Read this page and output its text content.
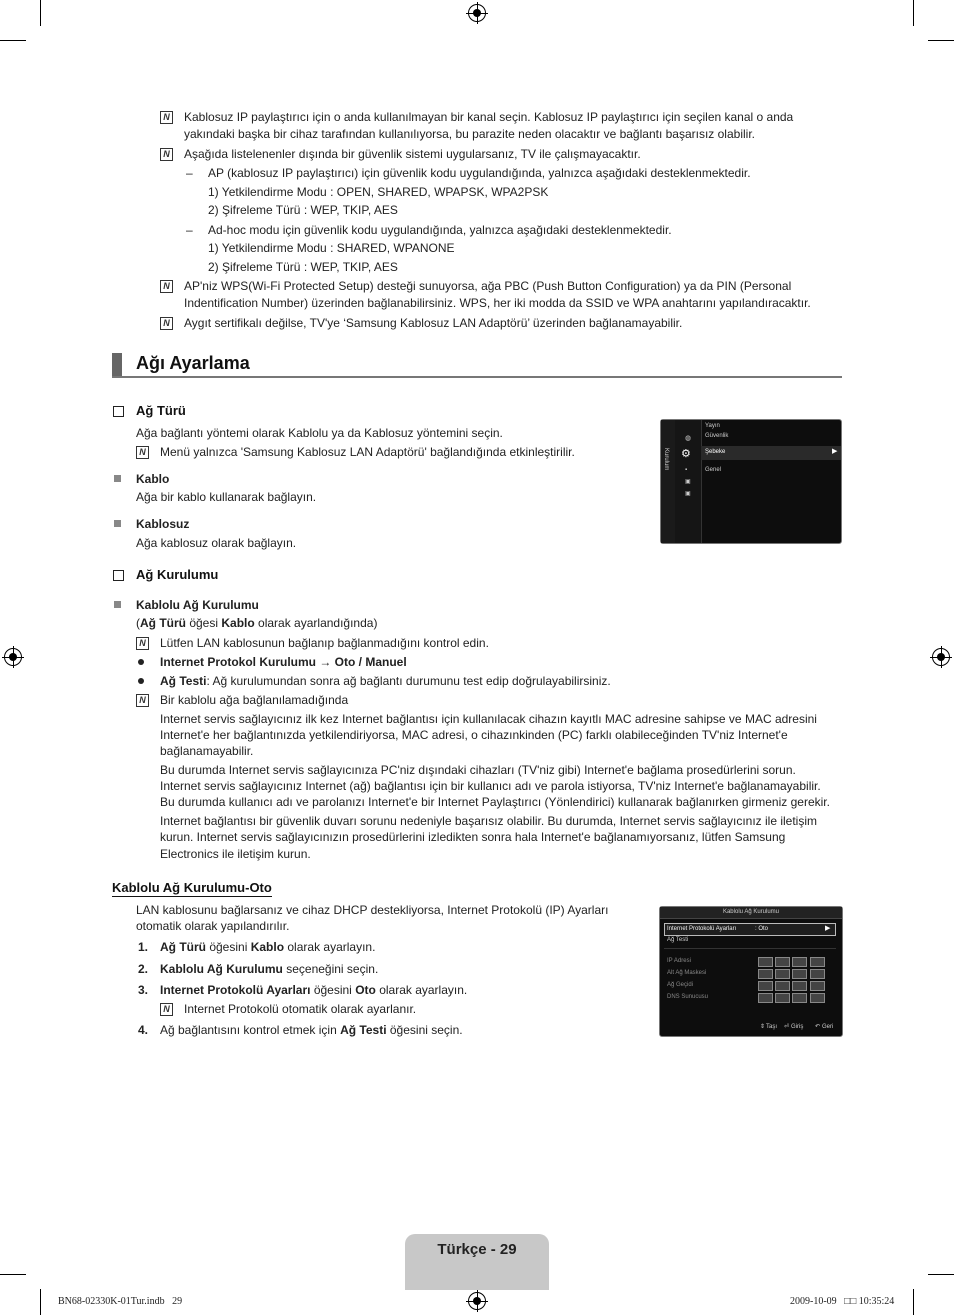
N Kablosuz IP paylaştırıcı için o anda kullanılmayan bir kanal seçin. Kablosuz IP paylaştırıcı için seçilen kanal o anda
yakındaki başka bir cihaz tarafından kullanılıyorsa, bu parazite neden olacaktır ve bağlantı başarısız olabilir.
N Aşağıda listelenenler dışında bir güvenlik sistemi uygularsanız, TV ile çalışmayacaktır.
– AP (kablosuz IP paylaştırıcı) için güvenlik kodu uygulandığında, yalnızca aşağıdaki desteklenmektedir.
1) Yetkilendirme Modu : OPEN, SHARED, WPAPSK, WPA2PSK
2) Şifreleme Türü : WEP, TKIP, AES
– Ad-hoc modu için güvenlik kodu uygulandığında, yalnızca aşağıdaki desteklenmektedir.
1) Yetkilendirme Modu : SHARED, WPANONE
2) Şifreleme Türü : WEP, TKIP, AES
N AP'niz WPS(Wi-Fi Protected Setup) desteği sunuyorsa, ağa PBC (Push Button Configuration) ya da PIN (Personal
Indentification Number) üzerinden bağlanabilirsiniz. WPS, her iki modda da SSID ve WPA anahtarını yapılandıracaktır.
N Aygıt sertifikalı değilse, TV'ye ‘Samsung Kablosuz LAN Adaptörü’ üzerinden bağlanamayabilir.
Ağı Ayarlama
Ağ Türü
Ağa bağlantı yöntemi olarak Kablolu ya da Kablosuz yöntemini seçin.
N Menü yalnızca 'Samsung Kablosuz LAN Adaptörü' bağlandığında etkinleştirilir.
Kablo
Ağa bir kablo kullanarak bağlayın.
Kablosuz
Ağa kablosuz olarak bağlayın.
Kurulum
◍
⚙
▪
▣
▣
Yayın
Güvenlik
Şebeke	▶
Genel
Ağ Kurulumu
Kablolu Ağ Kurulumu
(Ağ Türü öğesi Kablo olarak ayarlandığında)
N Lütfen LAN kablosunun bağlanıp bağlanmadığını kontrol edin.
Internet Protokol Kurulumu → Oto / Manuel
Ağ Testi: Ağ kurulumundan sonra ağ bağlantı durumunu test edip doğrulayabilirsiniz.
N Bir kablolu ağa bağlanılamadığında
Internet servis sağlayıcınız ilk kez Internet bağlantısı için kullanılacak cihazın kayıtlı MAC adresine sahipse ve MAC adresini
Internet'e her bağlantınızda yetkilendiriyorsa, MAC adresi, o cihazınkinden (PC) farklı olabileceğinden TV'niz Internet'e
bağlanamayabilir.
Bu durumda Internet servis sağlayıcınıza PC'niz dışındaki cihazları (TV'niz gibi) Internet'e bağlama prosedürlerini sorun.
Internet servis sağlayıcınız Internet (ağ) bağlantısı için bir kullanıcı adı ve parola istiyorsa, TV'niz Internet'e bağlanamayabilir.
Bu durumda kullanıcı adı ve parolanızı Internet'e bir Internet Paylaştırıcı (Yönlendirici) kullanarak bağlanırken girmeniz gerekir.
Internet bağlantısı bir güvenlik duvarı sorunu nedeniyle başarısız olabilir. Bu durumda, Internet servis sağlayıcınız ile iletişim
kurun. Internet servis sağlayıcınızın prosedürlerini izledikten sonra hala Internet'e bağlanamıyorsanız, lütfen Samsung
Electronics ile iletişim kurun.
Kablolu Ağ Kurulumu-Oto
LAN kablosunu bağlarsanız ve cihaz DHCP destekliyorsa, Internet Protokolü (IP) Ayarları
otomatik olarak yapılandırılır.
1. Ağ Türü öğesini Kablo olarak ayarlayın.
2. Kablolu Ağ Kurulumu seçeneğini seçin.
3. Internet Protokolü Ayarları öğesini Oto olarak ayarlayın.
N Internet Protokolü otomatik olarak ayarlanır.
4. Ağ bağlantısını kontrol etmek için Ağ Testi öğesini seçin.
Kablolu Ağ Kurulumu
Internet Protokolü Ayarları	: Oto	▶
Ağ Testi
IP Adresi
Alt Ağ Maskesi
Ağ Geçidi
DNS Sunucusu
⇕ Taşı ⏎ Giriş ↶ Geri
Türkçe - 29
BN68-02330K-01Tur.indb   29	2009-10-09   □□ 10:35:24
